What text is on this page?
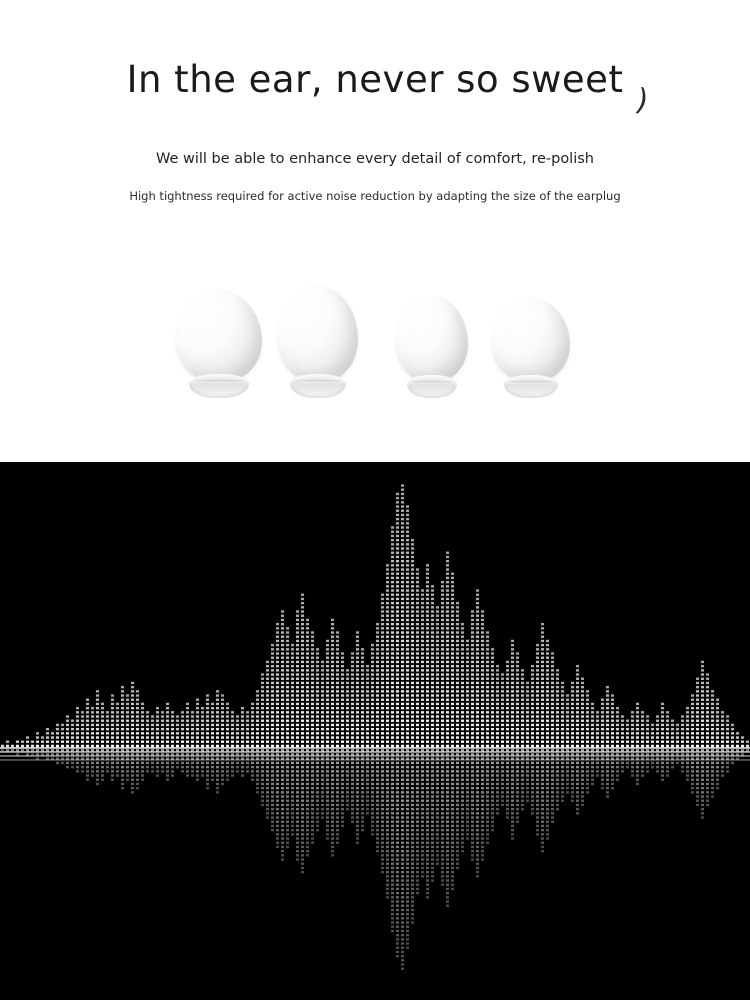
In the ear, never so sweet )
We will be able to enhance every detail of comfort, re-polish
High tightness required for active noise reduction by adapting the size of the earplug
